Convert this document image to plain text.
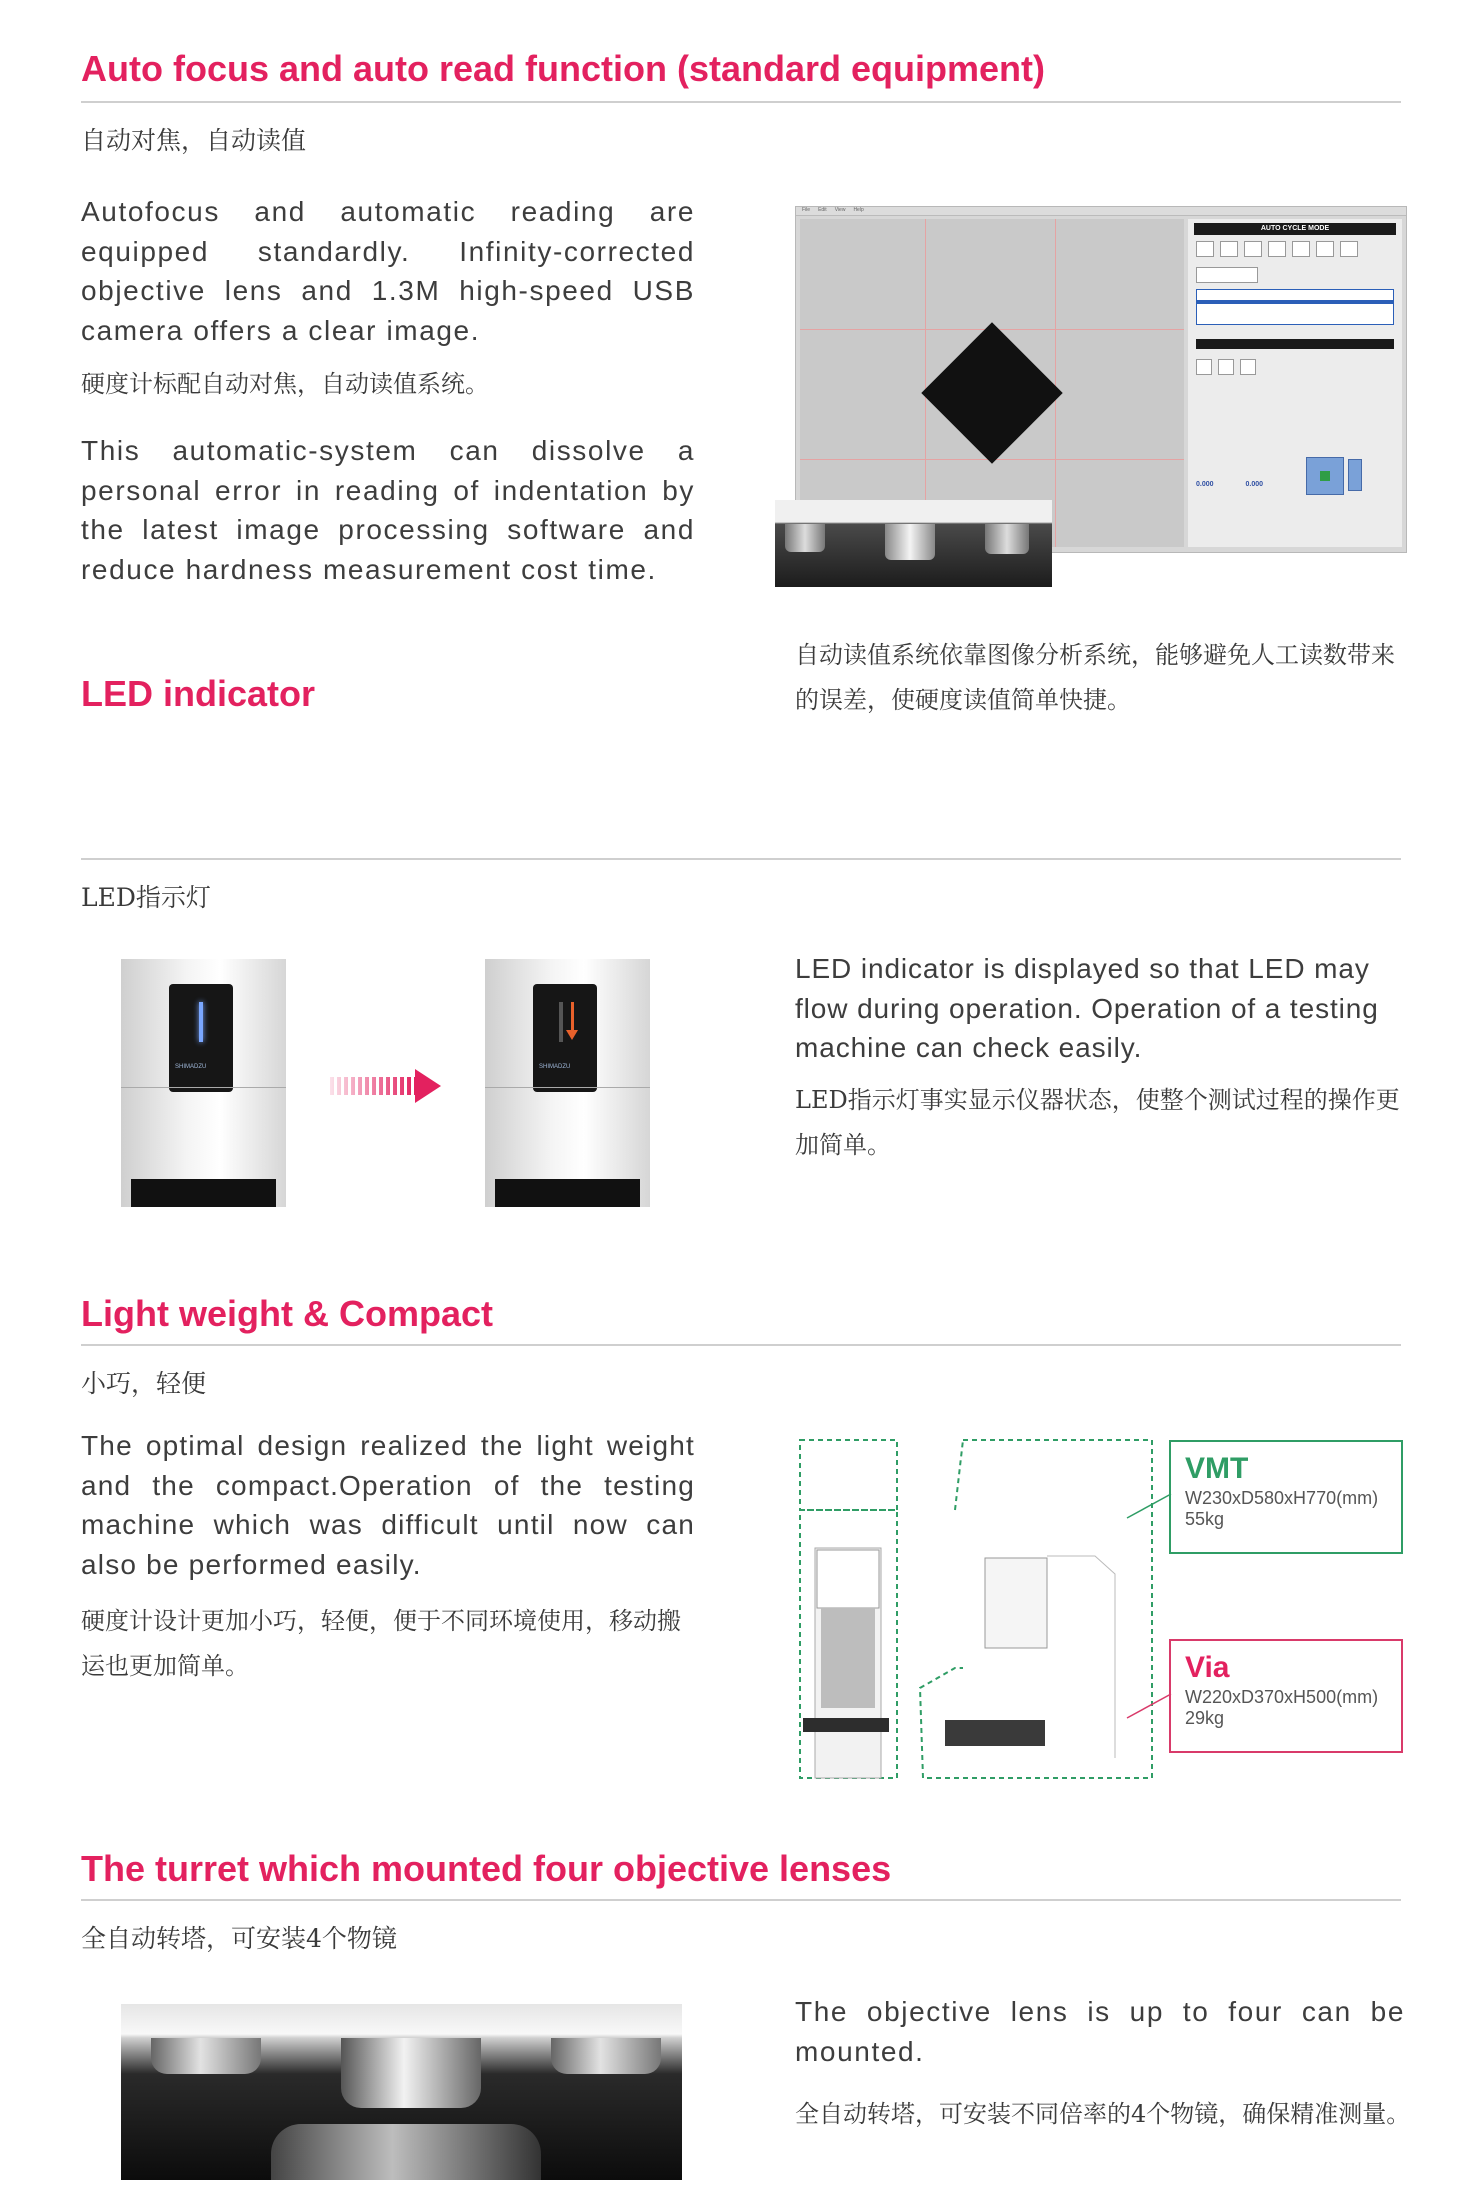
Auto focus and auto read function (standard equipment)

自动对焦，自动读值

Autofocus and automatic reading are equipped standardly. Infinity-corrected objective lens and 1.3M high-speed USB camera offers a clear image.

硬度计标配自动对焦，自动读值系统。

This automatic-system can dissolve a personal error in reading of indentation by the latest image processing software and reduce hardness measurement cost time.

File Edit View Help
AUTO CYCLE MODE
0.000	0.000

自动读值系统依靠图像分析系统，能够避免人工读数带来的误差，使硬度读值简单快捷。

LED indicator

LED指示灯

SHIMADZU	SHIMADZU

LED indicator is displayed so that LED may flow during operation. Operation of a testing machine can check easily.

LED指示灯事实显示仪器状态，使整个测试过程的操作更加简单。

Light weight & Compact

小巧，轻便

The optimal design realized the light weight and the compact.Operation of the testing machine which was difficult until now can also be performed easily.

硬度计设计更加小巧，轻便，便于不同环境使用，移动搬运也更加简单。

VMT
W230xD580xH770(mm)
55kg
Via
W220xD370xH500(mm)
29kg
The turret which mounted four objective lenses

全自动转塔，可安装4个物镜

The objective lens is up to four can be mounted.

全自动转塔，可安装不同倍率的4个物镜，确保精准测量。
